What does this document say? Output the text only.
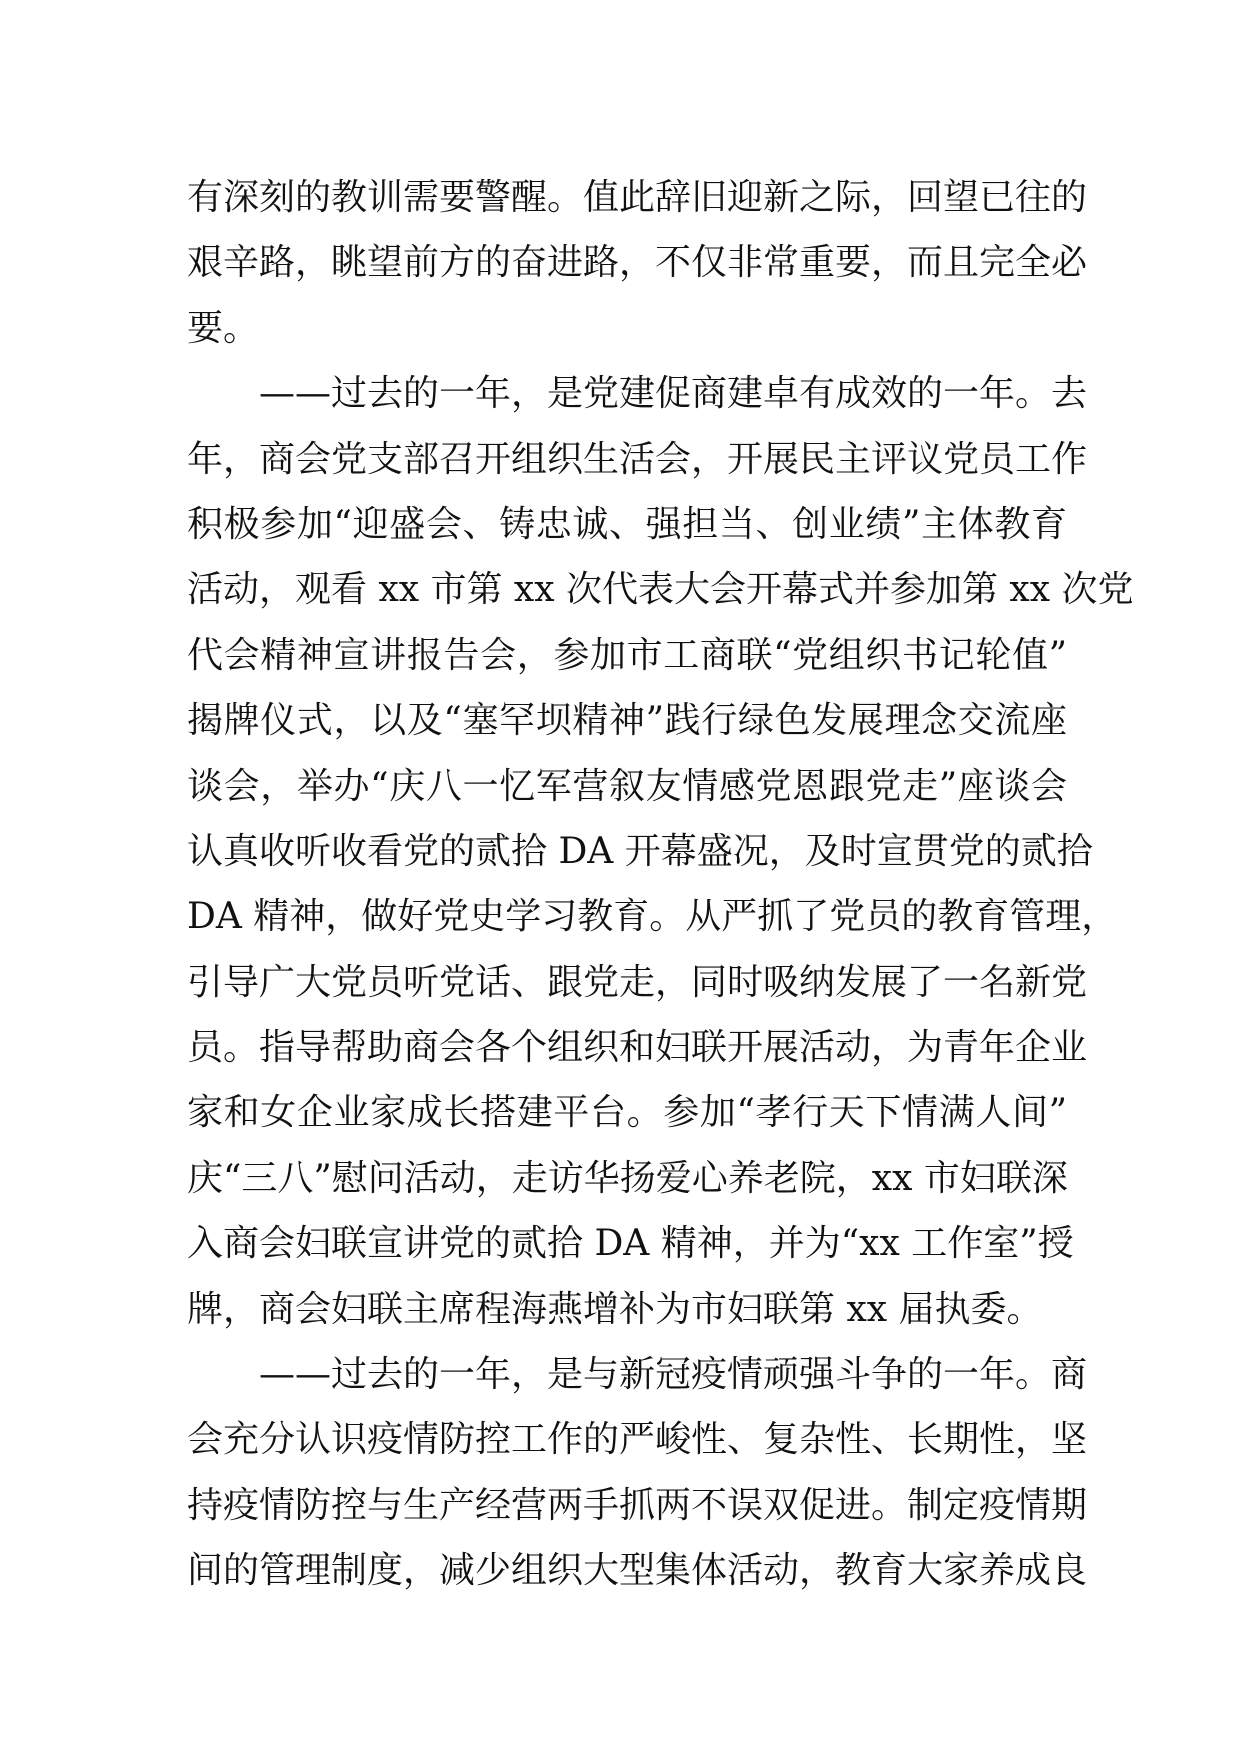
有深刻的教训需要警醒。值此辞旧迎新之际，回望已往的
艰辛路，眺望前方的奋进路，不仅非常重要，而且完全必
要。
——过去的一年，是党建促商建卓有成效的一年。去
年，商会党支部召开组织生活会，开展民主评议党员工作
积极参加“迎盛会、铸忠诚、强担当、创业绩”主体教育
活动，观看 xx 市第 xx 次代表大会开幕式并参加第 xx 次党
代会精神宣讲报告会，参加市工商联“党组织书记轮值”
揭牌仪式，以及“塞罕坝精神”践行绿色发展理念交流座
谈会，举办“庆八一忆军营叙友情感党恩跟党走”座谈会
认真收听收看党的贰拾 DA 开幕盛况，及时宣贯党的贰拾
DA 精神，做好党史学习教育。从严抓了党员的教育管理，
引导广大党员听党话、跟党走，同时吸纳发展了一名新党
员。指导帮助商会各个组织和妇联开展活动，为青年企业
家和女企业家成长搭建平台。参加“孝行天下情满人间”
庆“三八”慰问活动，走访华扬爱心养老院，xx 市妇联深
入商会妇联宣讲党的贰拾 DA 精神，并为“xx 工作室”授
牌，商会妇联主席程海燕增补为市妇联第 xx 届执委。
——过去的一年，是与新冠疫情顽强斗争的一年。商
会充分认识疫情防控工作的严峻性、复杂性、长期性，坚
持疫情防控与生产经营两手抓两不误双促进。制定疫情期
间的管理制度，减少组织大型集体活动，教育大家养成良
